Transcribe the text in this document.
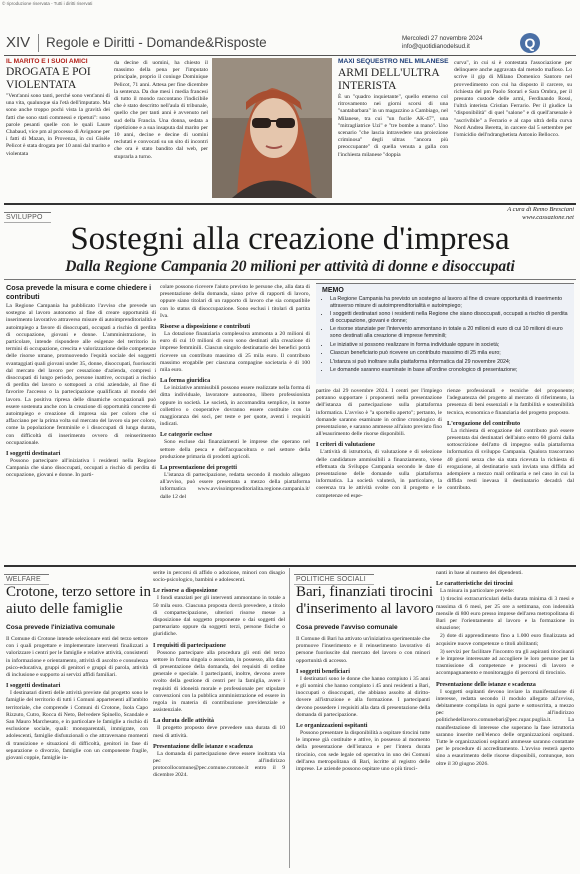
© riproduzione riservata - Tutti i diritti riservati
XIV Regole e Diritti - Domande&Risposte	Mercoledì 27 novembre 2024
info@quotidianodelsud.it	Q
IL MARITO E I SUOI AMICI
DROGATA E POI VIOLENTATA

"Vent'anni sono tanti, perché sono vent'anni di una vita, qualunque sia l'età dell'imputato. Ma sono anche troppo pochi vista la gravità dei fatti che sono stati commessi e ripetuti": sono parole pesanti quelle con le quali Laure Chabaud, vice pm al processo di Avignone per i fatti di Mazan, in Provenza, in cui Gisèle Pelicot è stata drogata per 10 anni dal marito e violentata

da decine di uomini, ha chiesto il massimo della pena per l'imputato principale, proprio il coniuge Dominique Pelicot, 71 anni. Attesa per fine dicembre la sentenza. Da due mesi i media francesi di tutto il mondo raccontano l'indicibile che è stato descritto nell'aula di tribunale, quello che per tanti anni è avvenuto nel sud della Francia. Una donna, sedata a ripetizione e a sua insaputa dal marito per 10 anni, decine e decine di uomini reclutati e convocati su un sito di incontri che ora è stato bandito dal web, per stuprarla a turno.

MAXI SEQUESTRO NEL MILANESE
ARMI DELL'ULTRA INTERISTA

È un "quadro inquietante", quello emerso col ritrovamento nei giorni scorsi di una "santabarbara" in un magazzino a Cambiago, nel Milanese, tra cui "un fucile AK-47", una "mitragliatrice Uzi" e "tre bombe a mano". Uno scenario "che lascia intravedere una proiezione criminosa" degli ultras "ancora più preoccupante" di quella venuta a galla con l'inchiesta milanese "doppia

curva", in cui si è contestata l'associazione per delinquere anche aggravata dal metodo mafioso. Lo scrive il gip di Milano Domenico Santoro nel provvedimento con cui ha disposto il carcere, su richiesta del pm Paolo Storari e Sara Ombra, per il presunto custode delle armi, Ferdinando Rossi, l'ultrà interista Cristian Ferrario. Per il giudice la "disponibilità" di quel "salone" e di quell'arsenale è "ascrivibile" a Ferrario e al capo ultrà della curva Nord Andrea Beretta, in carcere dal 5 settembre per l'omicidio dell'ndranghetista Antonio Bellocco.

SVILUPPO
A cura di Remo Bresciani
www.cassazione.net
Sostegni alla creazione d'impresa
Dalla Regione Campania 20 milioni per attività di donne e disoccupati
Cosa prevede la misura e come chiedere i contributi

La Regione Campania ha pubblicato l'avviso che prevede un sostegno al lavoro autonomo al fine di creare opportunità di inserimento lavorativo attraverso misure di autoimprenditorialità e autoimpiego a favore di disoccupati, occupati a rischio di perdita di occupazione, giovani e donne. L'amministrazione, in particolare, intende rispondere alle esigenze del territorio in termini di occupazione, crescita e valorizzazione delle competenze delle risorse umane, promuovendo l'equità sociale dei soggetti svantaggiati quali giovani under 35, donne, disoccupati, fuoriusciti dal mercato del lavoro per cessazione d'azienda, compresi i disoccupati di lungo periodo, persone inattive, occupati a rischio di perdita del lavoro o sottoposti a crisi aziendale, al fine di favorire l'accesso o la partecipazione qualificata al mondo del lavoro. La positiva ripresa delle dinamiche occupazionali può essere sostenuta anche con la creazione di opportunità concrete di autoimpiego e creazione di impresa sia per coloro che si affacciano per la prima volta sul mercato del lavoro sia per coloro, come la popolazione femminile e i disoccupati di lunga durata, con difficoltà di inserimento ovvero di reinserimento occupazionale.

I soggetti destinatari

Possono partecipare all'iniziativa i residenti nella Regione Campania che siano disoccupati, occupati a rischio di perdita di occupazione, giovani e donne. In parti-

colare possono ricevere l'aiuto previsto le persone che, alla data di presentazione della domanda, siano prive di rapporti di lavoro, oppure siano titolari di un rapporto di lavoro che sia compatibile con lo status di disoccupazione. Sono esclusi i titolari di partita Iva.

Risorse a disposizione e contributi

La dotazione finanziaria complessiva ammonta a 20 milioni di euro di cui 10 milioni di euro sono destinati alla creazione di imprese femminili. Ciascun singolo destinatario dei benefici potrà ricevere un contributo massimo di 25 mila euro. Il contributo massimo erogabile per ciascuna compagine societaria è di 100 mila euro.

La forma giuridica

Le iniziative ammissibili possono essere realizzate nella forma di ditta individuale, lavoratore autonomo, libero professionista oppure in società. Le società, in accomandita semplice, in nome collettivo o cooperative dovranno essere costituite con la maggioranza dei soci, per teste e per quote, aventi i requisiti indicati.

Le categorie escluse

Sono escluse dai finanziamenti le imprese che operano nel settore della pesca e dell'acquacoltura e nel settore della produzione primaria di prodotti agricoli.

La presentazione dei progetti

L'istanza di partecipazione, redatta secondo il modulo allegato all'avviso, può essere presentata a mezzo della piattaforma informatica www.avvisoimprenditorialita.regione.campania.it/ dalle 12 del

MEMO
• La Regione Campania ha previsto un sostegno al lavoro al fine di creare opportunità di inserimento attraverso misure di autoimprenditorialità e autoimpiego;
• I soggetti destinatari sono i residenti nella Regione che siano disoccupati, occupati a rischio di perdita di occupazione, giovani e donne;
• Le risorse stanziate per l'intervento ammontano in totale a 20 milioni di euro di cui 10 milioni di euro sono destinati alla creazione di imprese femminili;
• Le iniziative si possono realizzare in forma individuale oppure in società;
• Ciascun beneficiario può ricevere un contributo massimo di 25 mila euro;
• L'istanza si può inoltrare sulla piattaforma informatica dal 29 novembre 2024;
• Le domande saranno esaminate in base all'ordine cronologico di presentazione;

partire dal 29 novembre 2024. I centri per l'impiego potranno supportare i proponenti nella presentazione dell'istanza di partecipazione sulla piattaforma informatica. L'avviso è "a sportello aperto"; pertanto, le domande saranno esaminate in ordine cronologico di presentazione, e saranno ammesse all'aiuto previsto fino all'esaurimento delle risorse disponibili.

I criteri di valutazione

L'attività di istruttoria, di valutazione e di selezione delle candidature ammissibili a finanziamento, viene effettuata da Sviluppo Campania secondo le date di presentazione delle domande sulla piattaforma informatica. La società valuterà, in particolare, la coerenza tra le attività svolte con il progetto e le competenze ed espe-

rienze professionali e tecniche del proponente; l'adeguatezza del progetto al mercato di riferimento, la presenza di beni essenziali e la fattibilità e sostenibilità tecnica, economica e finanziaria del progetto proposto.

L'erogazione del contributo

La richiesta di erogazione del contributo può essere presentata dai destinatari dell'aiuto entro 60 giorni dalla sottoscrizione dell'atto di impegno sulla piattaforma informatica di sviluppo Campania. Qualora trascorrano 40 giorni senza che sia stata ricevuta la richiesta di erogazione, al destinatario sarà inviata una diffida ad adempiere a mezzo mail ordinaria e nel caso in cui la diffida resti inevasa il destinatario decadrà dal contributo.

WELFARE
Crotone, terzo settore in aiuto delle famiglie
Cosa prevede l'iniziativa comunale

Il Comune di Crotone intende selezionare enti del terzo settore con i quali progettare e implementare interventi finalizzati a valorizzare i centri per le famiglie e relative attività, consistenti in informazione e orientamento, attività di ascolto e consulenza psico-educativa, gruppi di genitori e gruppi di parola, attività di inclusione e supporto ai servizi affidi familiari.

I soggetti destinatari

I destinatari diretti delle attività previste dal progetto sono le famiglie del territorio di tutti i Comuni appartenenti all'ambito territoriale, che comprende i Comuni di Crotone, Isola Capo Rizzuto, Cutro, Rocca di Neto, Belvedere Spinello, Scandale e San Mauro Marchesato, e in particolare le famiglie a rischio di esclusione sociale, quali: monoparentali, immigrate, con adolescenti, famiglie disfunzionali o che attraversano momenti di transizione e situazioni di difficoltà, genitori in fase di separazione o divorzio, famiglie con un componente fragile, giovani coppie, famiglie in-

serite in percorsi di affido o adozione, minori con disagio socio-psicologico, bambini e adolescenti.

Le risorse a disposizione

I fondi stanziati per gli interventi ammontano in totale a 50 mila euro. Ciascuna proposta dovrà prevedere, a titolo di compartecipazione, ulteriori risorse messe a disposizione dal soggetto proponente o dai soggetti del partenariato oppure da soggetti terzi, persone fisiche o giuridiche.

I requisiti di partecipazione

Possono partecipare alla procedura gli enti del terzo settore in forma singola o associata, in possesso, alla data di presentazione della domanda, dei requisiti di ordine generale e speciale. I partecipanti, inoltre, devono avere svolto della gestione di centri per la famiglia, avere i requisiti di idoneità morale e professionale per stipulare convenzioni con la pubblica amministrazione ed essere in regola in materia di contribuzione previdenziale e assistenziale.

La durata delle attività

Il progetto proposto deve prevedere una durata di 10 mesi di attività.

Presentazione delle istanze e scadenza

La domanda di partecipazione deve essere inoltrata via pec all'indirizzo protocollocomune@pec.comune.crotone.it entro il 9 dicembre 2024.

POLITICHE SOCIALI
Bari, finanziati tirocini d'inserimento al lavoro
Cosa prevede l'avviso comunale

Il Comune di Bari ha attivato un'iniziativa sperimentale che promuove l'inserimento e il reinserimento lavorativo di persone fuoriuscite dal mercato del lavoro o con minori opportunità di accesso.

I soggetti beneficiari

I destinatari sono le donne che hanno compiuto i 35 anni e gli uomini che hanno compiuto i 45 anni residenti a Bari, inoccupati o disoccupati, che abbiano assolto al diritto-dovere all'istruzione e alla formazione. I partecipanti devono possedere i requisiti alla data di presentazione della domanda di partecipazione.

Le organizzazioni ospitanti

Possono presentare la disponibilità a ospitare tirocini tutte le imprese già costituite e attive, in possesso al momento della presentazione dell'istanza e per l'intera durata tirocinio, con sede legale od operativa in uno dei Comuni dell'area metropolitana di Bari, iscritte al registro delle imprese. Le aziende possono ospitare uno o più tiroci-

nanti in base al numero dei dipendenti.

Le caratteristiche dei tirocini

La misura in particolare prevede:

1) tirocini extracurriculari della durata minima di 3 mesi e massima di 6 mesi, per 25 ore a settimana, con indennità mensile di 800 euro presso imprese dell'area metropolitana di Bari per l'orientamento al lavoro e la formazione in situazione;

2) dote di apprendimento fino a 1.000 euro finalizzata ad acquisire nuove competenze o titoli abilitanti;

3) servizi per facilitare l'incontro tra gli aspiranti tirocinanti e le imprese interessate ad accogliere le loro persone per la trasmissione di competenze e processi di lavoro e accompagnamento e monitoraggio di percorsi di tirocinio.

Presentazione delle istanze e scadenza

I soggetti ospitanti devono inviare la manifestazione di interesse, redatta secondo il modulo allegato all'avviso, debitamente compilata in ogni parte e sottoscritta, a mezzo pec all'indirizzo politichedellavoro.comunebari@pec.rupar.puglia.it. La manifestazione di interesse che superano la fase istruttoria saranno inserite nell'elenco delle organizzazioni ospitanti. Tutte le organizzazioni ospitanti ammesse saranno contattate per le procedure di accreditamento. L'avviso resterà aperto sino a esaurimento delle risorse disponibili, comunque, non oltre il 30 giugno 2026.
